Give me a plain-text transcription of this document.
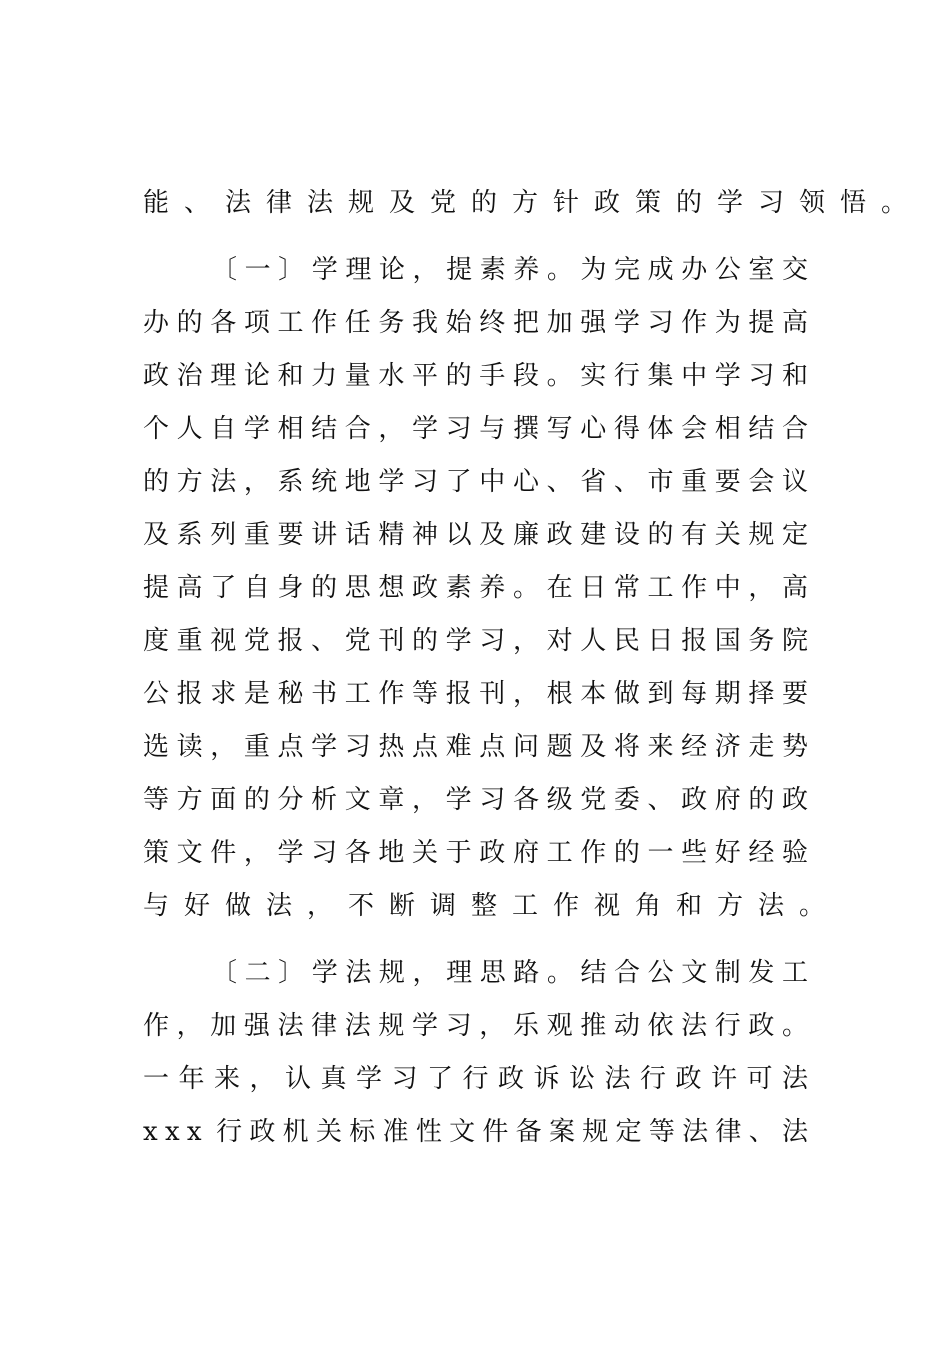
能、法律法规及党的方针政策的学习领悟。
〔 一 〕 学 理 论 ， 提 素 养 。 为 完 成 办 公 室 交
办 的 各 项 工 作 任 务 我 始 终 把 加 强 学 习 作 为 提 高
政 治 理 论 和 力 量 水 平 的 手 段 。 实 行 集 中 学 习 和
个 人 自 学 相 结 合 ， 学 习 与 撰 写 心 得 体 会 相 结 合
的 方 法 ， 系 统 地 学 习 了 中 心 、 省 、 市 重 要 会 议
及 系 列 重 要 讲 话 精 神 以 及 廉 政 建 设 的 有 关 规 定
提 高 了 自 身 的 思 想 政 素 养 。 在 日 常 工 作 中 ， 高
度 重 视 党 报 、 党 刊 的 学 习 ， 对 人 民 日 报 国 务 院
公 报 求 是 秘 书 工 作 等 报 刊 ， 根 本 做 到 每 期 择 要
选 读 ， 重 点 学 习 热 点 难 点 问 题 及 将 来 经 济 走 势
等 方 面 的 分 析 文 章 ， 学 习 各 级 党 委 、 政 府 的 政
策 文 件 ， 学 习 各 地 关 于 政 府 工 作 的 一 些 好 经 验
与好做法，不断调整工作视角和方法。
〔 二 〕 学 法 规 ， 理 思 路 。 结 合 公 文 制 发 工
作 ， 加 强 法 律 法 规 学 习 ， 乐 观 推 动 依 法 行 政 。
一 年 来 ， 认 真 学 习 了 行 政 诉 讼 法 行 政 许 可 法
x x x 行 政 机 关 标 准 性 文 件 备 案 规 定 等 法 律 、 法
